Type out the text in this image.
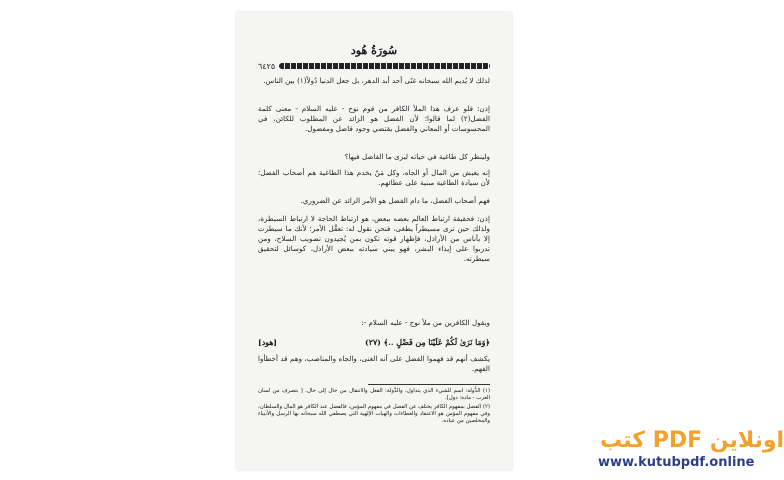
سُورَةُ هُود
٦٤٢٥
لذلك لا يُديم الله سبحانه غنًى أحد أبد الدهر، بل جعل الدنيا دُولاً(١) بين الناس.
إذن: فلو عرف هذا الملأ الكافر من قوم نوح - عليه السلام - معنى كلمة الفضل(٢) لما قالوا؛ لأن الفضل هو الزائد عن المطلوب للكائن، في المحسوسات أو المعاني والفضل يقتضي وجود فاضل ومفضول.
ولينظر كل طاغية في حياته ليرى ما الفاضل فيها؟
إنه يعيش من المال أو الجاه، وكل مَنْ يخدم هذا الطاغية هم أصحاب الفضل؛ لأن سيادة الطاغية مبنية على عطائهم.
فهم أصحاب الفضل، ما دام الفضل هو الأمر الزائد عن الضروري.
إذن: فحقيقة ارتباط العالم بعضه ببعض، هو ارتباط الحاجة لا ارتباط السيطرة، ولذلك حين ترى مسيطراً يطغى، فنحن نقول له: تعقَّل الأمر؛ لأنك ما سيطرت إلا بأناس من الأراذل، فإظهار قوته تكون بمن يُجيدون تصويب السلاح، ومن تدربوا على إيذاء البشر، فهو يبني سيادته ببعض الأراذل، كوسائل لتحقيق سيطرته.
ويقول الكافرين من ملأ نوح - عليه السلام -:
﴿وَمَا نَرَىٰ لَكُمْ عَلَيْنَا مِن فَضْلٍ ..﴾ (٢٧)
[هود]
يكشف أنهم قد فهموا الفضل على أنه الغنى، والجاه والمناصب، وهم قد أخطأوا الفهم.
(١) الدُّولة: اسم للشيء الذي يتداول، والدَّولة: الفعل والانتقال من حال إلى حال. [ بتصرف من لسان العرب - مادة: دول].
(٢) الفضل بمفهوم الكافر يختلف عن الفضل في مفهوم المؤمن، فالفضل عند الكافر هو المال والسلطان، وفي مفهوم المؤمن هو الاعتقاد والعطاءات والهبات الإلهية التي يصطفي الله سبحانه بها الرسل والأنبياء والمخلصين من عباده.
كتب PDF اونلاين
www.kutubpdf.online
